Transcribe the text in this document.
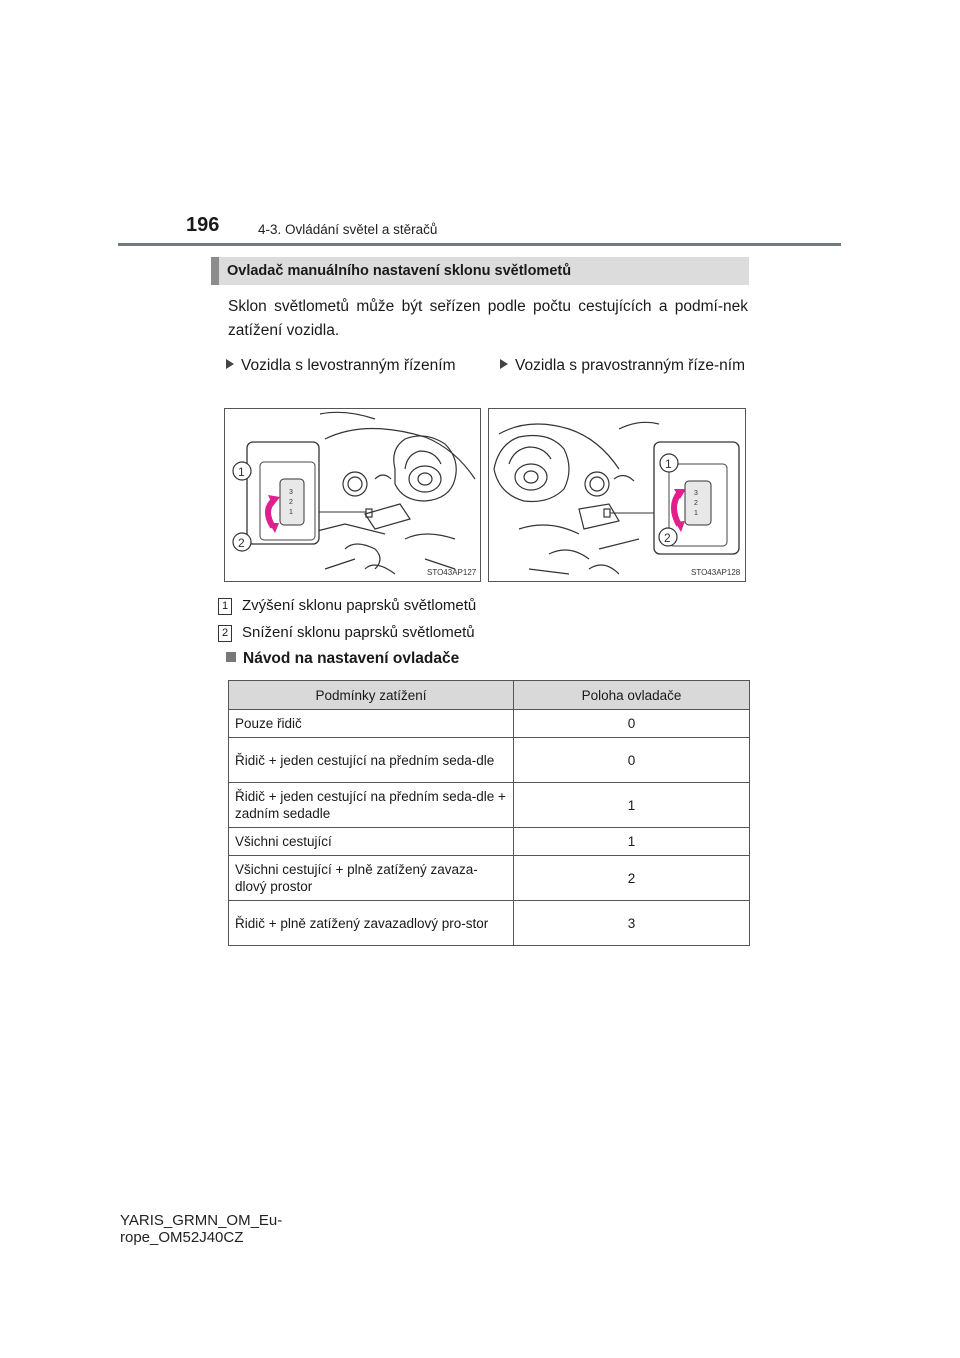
196	4-3. Ovládání světel a stěračů
Ovladač manuálního nastavení sklonu světlometů
Sklon světlometů může být seřízen podle počtu cestujících a podmí-nek zatížení vozidla.
Vozidla s levostranným řízením	Vozidla s pravostranným říze-ním
3
2
1
1
2
STO43AP127
3
2
1
1
2
STO43AP128
1 Zvýšení sklonu paprsků světlometů
2 Snížení sklonu paprsků světlometů
Návod na nastavení ovladače
Podmínky zatížení	Poloha ovladače
Pouze řidič	0
Řidič + jeden cestující na předním seda-dle	0
Řidič + jeden cestující na předním seda-dle + zadním sedadle	1
Všichni cestující	1
Všichni cestující + plně zatížený zavaza-dlový prostor	2
Řidič + plně zatížený zavazadlový pro-stor	3
YARIS_GRMN_OM_Eu-
rope_OM52J40CZ
